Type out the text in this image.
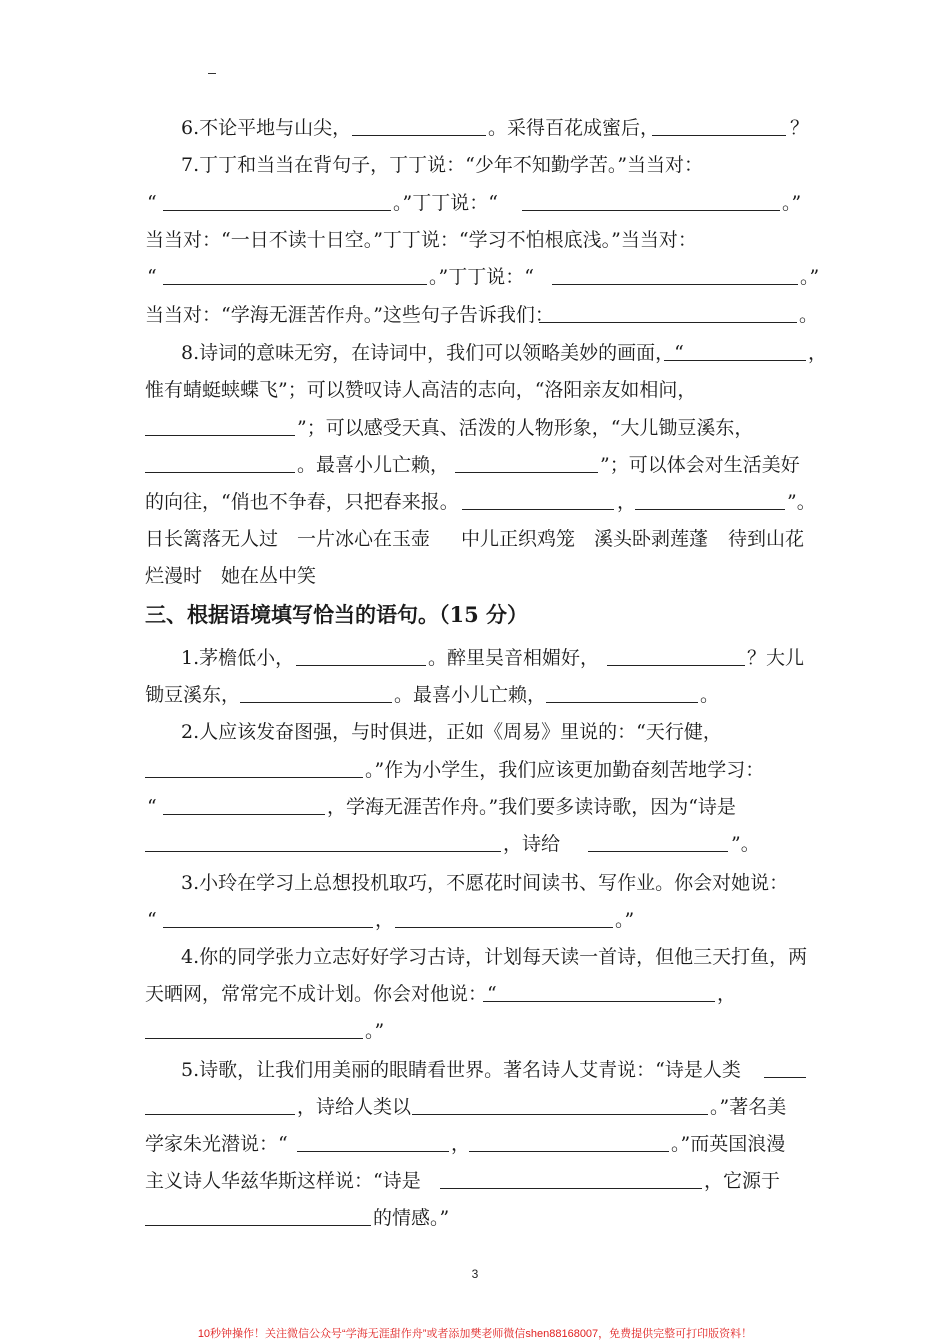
6.不论平地与山尖，	。采得百花成蜜后，	？
7.丁丁和当当在背句子，丁丁说：“少年不知勤学苦。”当当对：
“	。”丁丁说：“	。”
当当对：“一日不读十日空。”丁丁说：“学习不怕根底浅。”当当对：
“	。”丁丁说：“	。”
当当对：“学海无涯苦作舟。”这些句子告诉我们：	。
8.诗词的意味无穷，在诗词中，我们可以领略美妙的画面，“	，
惟有蜻蜓蛱蝶飞”；可以赞叹诗人高洁的志向，“洛阳亲友如相问，
”；可以感受天真、活泼的人物形象，“大儿锄豆溪东，
。最喜小儿亡赖，	”；可以体会对生活美好
的向往，“俏也不争春，只把春来报。	，	”。
日长篱落无人过 一片冰心在玉壶 中儿正织鸡笼 溪头卧剥莲蓬 待到山花
烂漫时 她在丛中笑
三、根据语境填写恰当的语句。（15 分）
1.茅檐低小，	。醉里吴音相媚好，	？大儿
锄豆溪东，	。最喜小儿亡赖，	。
2.人应该发奋图强，与时俱进，正如《周易》里说的：“天行健，
。”作为小学生，我们应该更加勤奋刻苦地学习：
“	，学海无涯苦作舟。”我们要多读诗歌，因为“诗是
，诗给	”。
3.小玲在学习上总想投机取巧，不愿花时间读书、写作业。你会对她说：
“	，	。”
4.你的同学张力立志好好学习古诗，计划每天读一首诗，但他三天打鱼，两
天晒网，常常完不成计划。你会对他说：“	，
。”
5.诗歌，让我们用美丽的眼睛看世界。著名诗人艾青说：“诗是人类
，诗给人类以	。”著名美
学家朱光潜说：“	，	。”而英国浪漫
主义诗人华兹华斯这样说：“诗是	，它源于
的情感。”
3
10秒钟操作！关注微信公众号“学海无涯甜作舟”或者添加樊老师微信shen88168007，免费提供完整可打印版资料！
